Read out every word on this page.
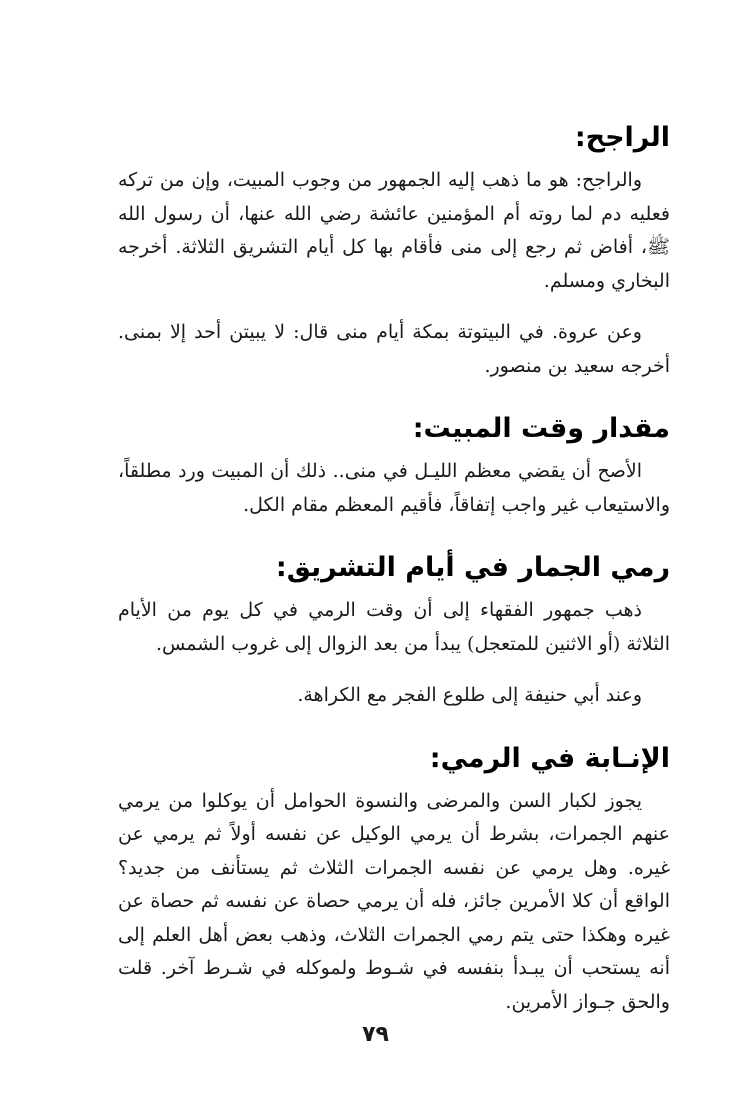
الراجح:

والراجح: هو ما ذهب إليه الجمهور من وجوب المبيت، وإن من تركه فعليه دم لما روته أم المؤمنين عائشة رضي الله عنها، أن رسول الله ﷺ، أفاض ثم رجع إلى منى فأقام بها كل أيام التشريق الثلاثة. أخرجه البخاري ومسلم.

وعن عروة. في البيتوتة بمكة أيام منى قال: لا يبيتن أحد إلا بمنى. أخرجه سعيد بن منصور.

مقدار وقت المبيت:

الأصح أن يقضي معظم الليـل في منى.. ذلك أن المبيت ورد مطلقاً، والاستيعاب غير واجب إتفاقاً، فأقيم المعظم مقام الكل.

رمي الجمار في أيام التشريق:

ذهب جمهور الفقهاء إلى أن وقت الرمي في كل يوم من الأيام الثلاثة (أو الاثنين للمتعجل) يبدأ من بعد الزوال إلى غروب الشمس.

وعند أبي حنيفة إلى طلوع الفجر مع الكراهة.

الإنـابة في الرمي:

يجوز لكبار السن والمرضى والنسوة الحوامل أن يوكلوا من يرمي عنهم الجمرات، بشرط أن يرمي الوكيل عن نفسه أولاً ثم يرمي عن غيره. وهل يرمي عن نفسه الجمرات الثلاث ثم يستأنف من جديد؟ الواقع أن كلا الأمرين جائز، فله أن يرمي حصاة عن نفسه ثم حصاة عن غيره وهكذا حتى يتم رمي الجمرات الثلاث، وذهب بعض أهل العلم إلى أنه يستحب أن يبـدأ بنفسه في شـوط ولموكله في شـرط آخر. قلت والحق جـواز الأمرين.

٧٩
